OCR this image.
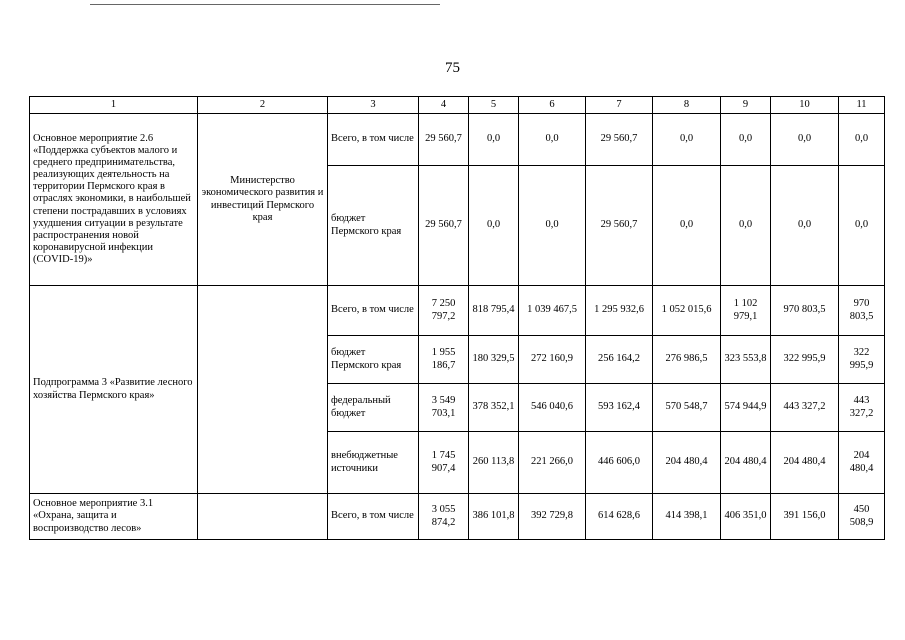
75
1	2	3	4	5	6	7	8	9	10	11
Основное мероприятие 2.6 «Поддержка субъектов малого и среднего предпринимательства, реализующих деятельность на территории Пермского края в отраслях экономики, в наибольшей степени пострадавших в условиях ухудшения ситуации в результате распространения новой коронавирусной инфекции (COVID-19)»	Министерство экономического развития и инвестиций Пермского края	Всего, в том числе	29 560,7	0,0	0,0	29 560,7	0,0	0,0	0,0	0,0
		бюджет Пермского края	29 560,7	0,0	0,0	29 560,7	0,0	0,0	0,0	0,0
Подпрограмма 3 «Развитие лесного хозяйства Пермского края»		Всего, в том числе	7 250 797,2	818 795,4	1 039 467,5	1 295 932,6	1 052 015,6	1 102 979,1	970 803,5	970 803,5
		бюджет Пермского края	1 955 186,7	180 329,5	272 160,9	256 164,2	276 986,5	323 553,8	322 995,9	322 995,9
		федеральный бюджет	3 549 703,1	378 352,1	546 040,6	593 162,4	570 548,7	574 944,9	443 327,2	443 327,2
		внебюджетные источники	1 745 907,4	260 113,8	221 266,0	446 606,0	204 480,4	204 480,4	204 480,4	204 480,4
Основное мероприятие 3.1 «Охрана, защита и воспроизводство лесов»		Всего, в том числе	3 055 874,2	386 101,8	392 729,8	614 628,6	414 398,1	406 351,0	391 156,0	450 508,9
